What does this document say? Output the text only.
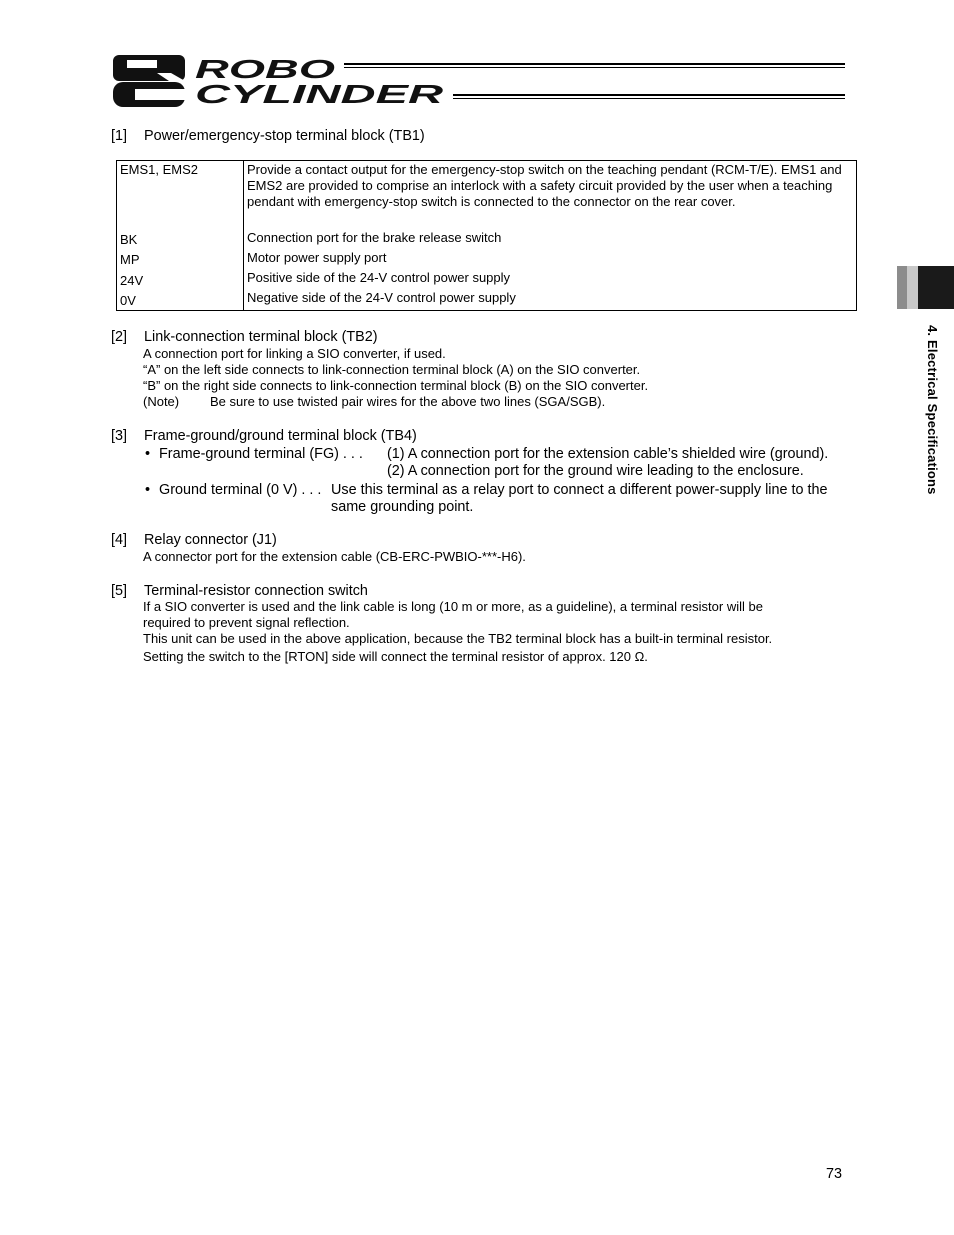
ROBO
CYLINDER
4. Electrical Specifications
[1] Power/emergency-stop terminal block (TB1)
EMS1, EMS2	Provide a contact output for the emergency-stop switch on the teaching pendant (RCM-T/E). EMS1 and EMS2 are provided to comprise an interlock with a safety circuit provided by the user when a teaching pendant with emergency-stop switch is connected to the connector on the rear cover.
BK	Connection port for the brake release switch
MP	Motor power supply port
24V	Positive side of the 24-V control power supply
0V	Negative side of the 24-V control power supply
[2] Link-connection terminal block (TB2)
A connection port for linking a SIO converter, if used.
“A” on the left side connects to link-connection terminal block (A) on the SIO converter.
“B” on the right side connects to link-connection terminal block (B) on the SIO converter.
(Note) Be sure to use twisted pair wires for the above two lines (SGA/SGB).
[3] Frame-ground/ground terminal block (TB4)
• Frame-ground terminal (FG) . . . (1) A connection port for the extension cable’s shielded wire (ground).
(2) A connection port for the ground wire leading to the enclosure.
• Ground terminal (0 V) . . . Use this terminal as a relay port to connect a different power-supply line to the
same grounding point.
[4] Relay connector (J1)
A connector port for the extension cable (CB-ERC-PWBIO-***-H6).
[5] Terminal-resistor connection switch
If a SIO converter is used and the link cable is long (10 m or more, as a guideline), a terminal resistor will be
required to prevent signal reflection.
This unit can be used in the above application, because the TB2 terminal block has a built-in terminal resistor.
Setting the switch to the [RTON] side will connect the terminal resistor of approx. 120 Ω.
73
